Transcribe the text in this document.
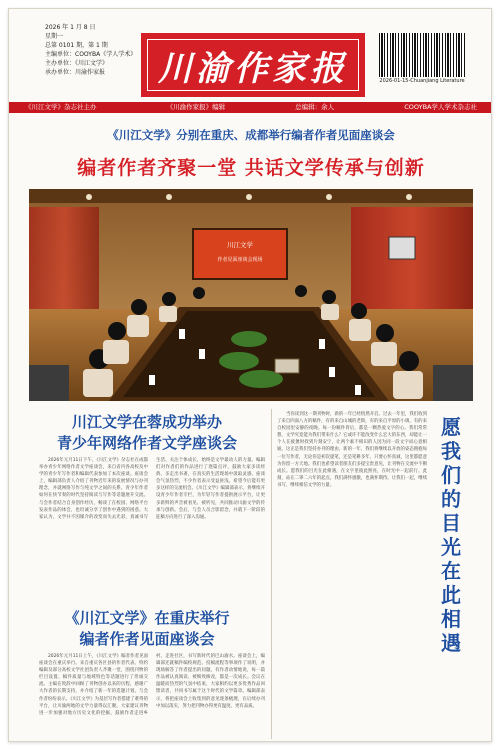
2026 年 1 月 8 日
星期一
总第 0101 期，第 1 期
主编单位：COOYBA《学人学术》
主办单位：《川江文学》
承办单位：川渝作家报	川渝作家报	2026-01-15-Chuanjiang Literature
《川江文学》杂志社主办	《川渝作家报》编辑	总编辑：余人	COOYBA学人学术杂志社
《川江文学》分别在重庆、成都举行编者作者见面座谈会
编者作者齐聚一堂 共话文学传承与创新
川江文学
作者见面座谈会现场
愿
我
们
的
目
光
在
此
相
遇
川江文学在蓉成功举办
青少年网络作者文学座谈会

2026年元月11日下午，《川江文学》杂志社在成都举办青少年网络作者文学座谈会，来自省内各高校及中学的青少年写作者和编辑代表参加了本次座谈。座谈会上，编辑部负责人介绍了刊物近年来的发展情况与办刊理念，并就网络写作与纯文学之间的关系、青少年作者如何在快节奏的时代坚持阅读与写作等话题展开交流。与会作者结合自身创作经历，畅谈了在校园、网络平台发表作品的体会，也坦诚分享了创作中遇到的困惑。大家认为，文学并不因媒介的改变而失去光彩，真诚书写生活、关注个体成长，始终是文学最动人的力量。编辑们对作者们的作品进行了逐篇点评，鼓励大家多读经典、多走出书斋，在真实的生活现场中汲取灵感。座谈会气氛热烈，不少作者表示受益匪浅，希望今后能有更多这样的交流机会。《川江文学》编辑部表示，将继续开设青少年作者专栏，为年轻写作者提供展示平台，让更多新鲜的声音被看见、被听见，共同推动川渝文学的传承与创新。会后，与会人员合影留念，并就下一阶段的征稿方向进行了深入沟通。

当你读到这一期刊物时，新的一年已经悄然开启。过去一年里，我们收到了来自四面八方的稿件，有的来自山城的老街，有的来自平原的小镇，有的来自校园里安静的夜晚。每一份稿件背后，都是一颗热爱文字的心。我们常常想，文学究竟能为我们带来什么？它或许不能改变什么宏大的东西，却能让一个人在疲惫时找到片刻安宁，让两个素不相识的人因为同一段文字而心意相通。这正是我们坚持办刊的理由。新的一年，我们将继续以开放的姿态拥抱每一位写作者，无论你是初次提笔，还是笔耕多年，只要心怀真诚，这里都愿意为你留一方天地。我们也希望读者朋友们多提宝贵意见，让刊物在交流中不断成长。愿我们的目光在此相遇，在文字里彼此照亮，在时光中一起前行。此刻，站在二零二六年的起点，我们满怀感激，也满怀期待。让我们一起，继续书写，继续相信文学的力量。

《川江文学》在重庆举行
编者作者见面座谈会

2026年元月11日上午，《川江文学》编者作者见面座谈会在重庆举行。来自重庆各区县的作者代表、特约编辑及部分高校文学社团负责人齐聚一堂，围绕刊物的栏目设置、稿件质量与地域特色等话题进行了坦诚交流。主编在致辞中回顾了刊物创办以来的历程，感谢广大作者的长期支持，并介绍了新一年的选题计划。与会作者纷纷表示，《川江文学》为基层写作者搭建了难得的平台，让川渝两地的文学力量得以汇聚。大家建议刊物进一步加强对地方历史文化的挖掘，鼓励作者走进乡村、走进社区，书写新时代的巴山渝水。座谈会上，编辑部还就稿件编校规范、投稿流程等事项作了说明，并现场解答了作者提出的问题。有作者动情地说，每一篇作品被认真阅读、被细致修改，都是一次成长。会议在温暖而热烈的气氛中结束，大家相约以更多优秀作品回馈读者，共同书写属于这个时代的文学篇章。编辑部表示，将把座谈会上收集到的意见逐条梳理，在后续办刊中加以落实，努力把刊物办得更有温度、更有品质。
